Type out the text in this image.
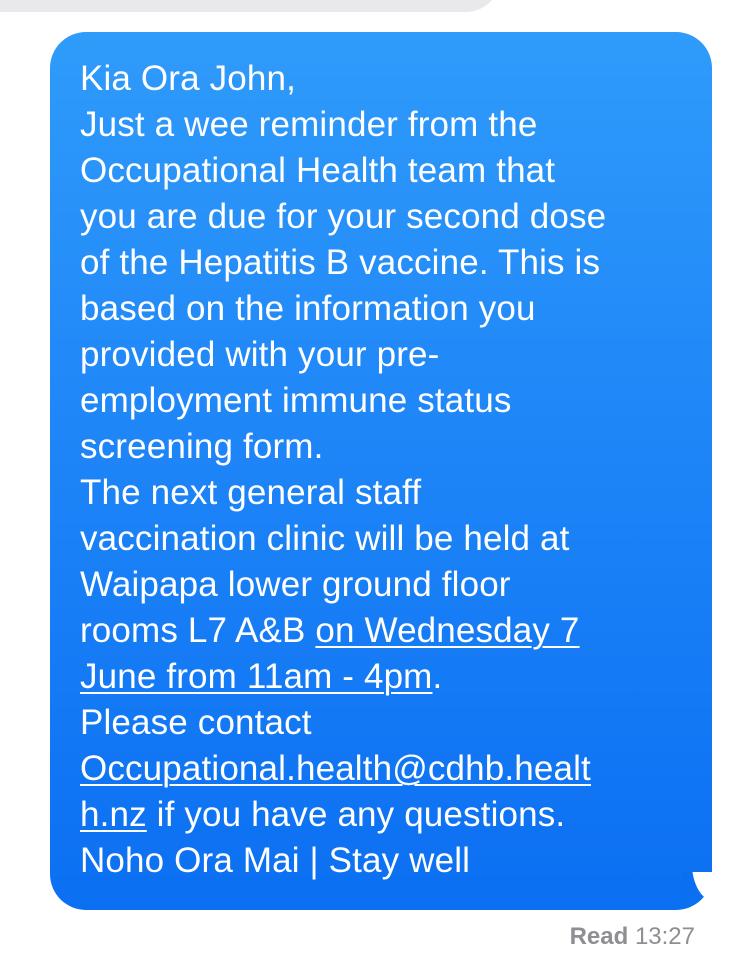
Kia Ora John,
Just a wee reminder from the
Occupational Health team that
you are due for your second dose
of the Hepatitis B vaccine. This is
based on the information you
provided with your pre-
employment immune status
screening form.
The next general staff
vaccination clinic will be held at
Waipapa lower ground floor
rooms L7 A&B on Wednesday 7
June from 11am - 4pm.
Please contact
Occupational.health@cdhb.healt
h.nz if you have any questions.
Noho Ora Mai | Stay well
Read 13:27
